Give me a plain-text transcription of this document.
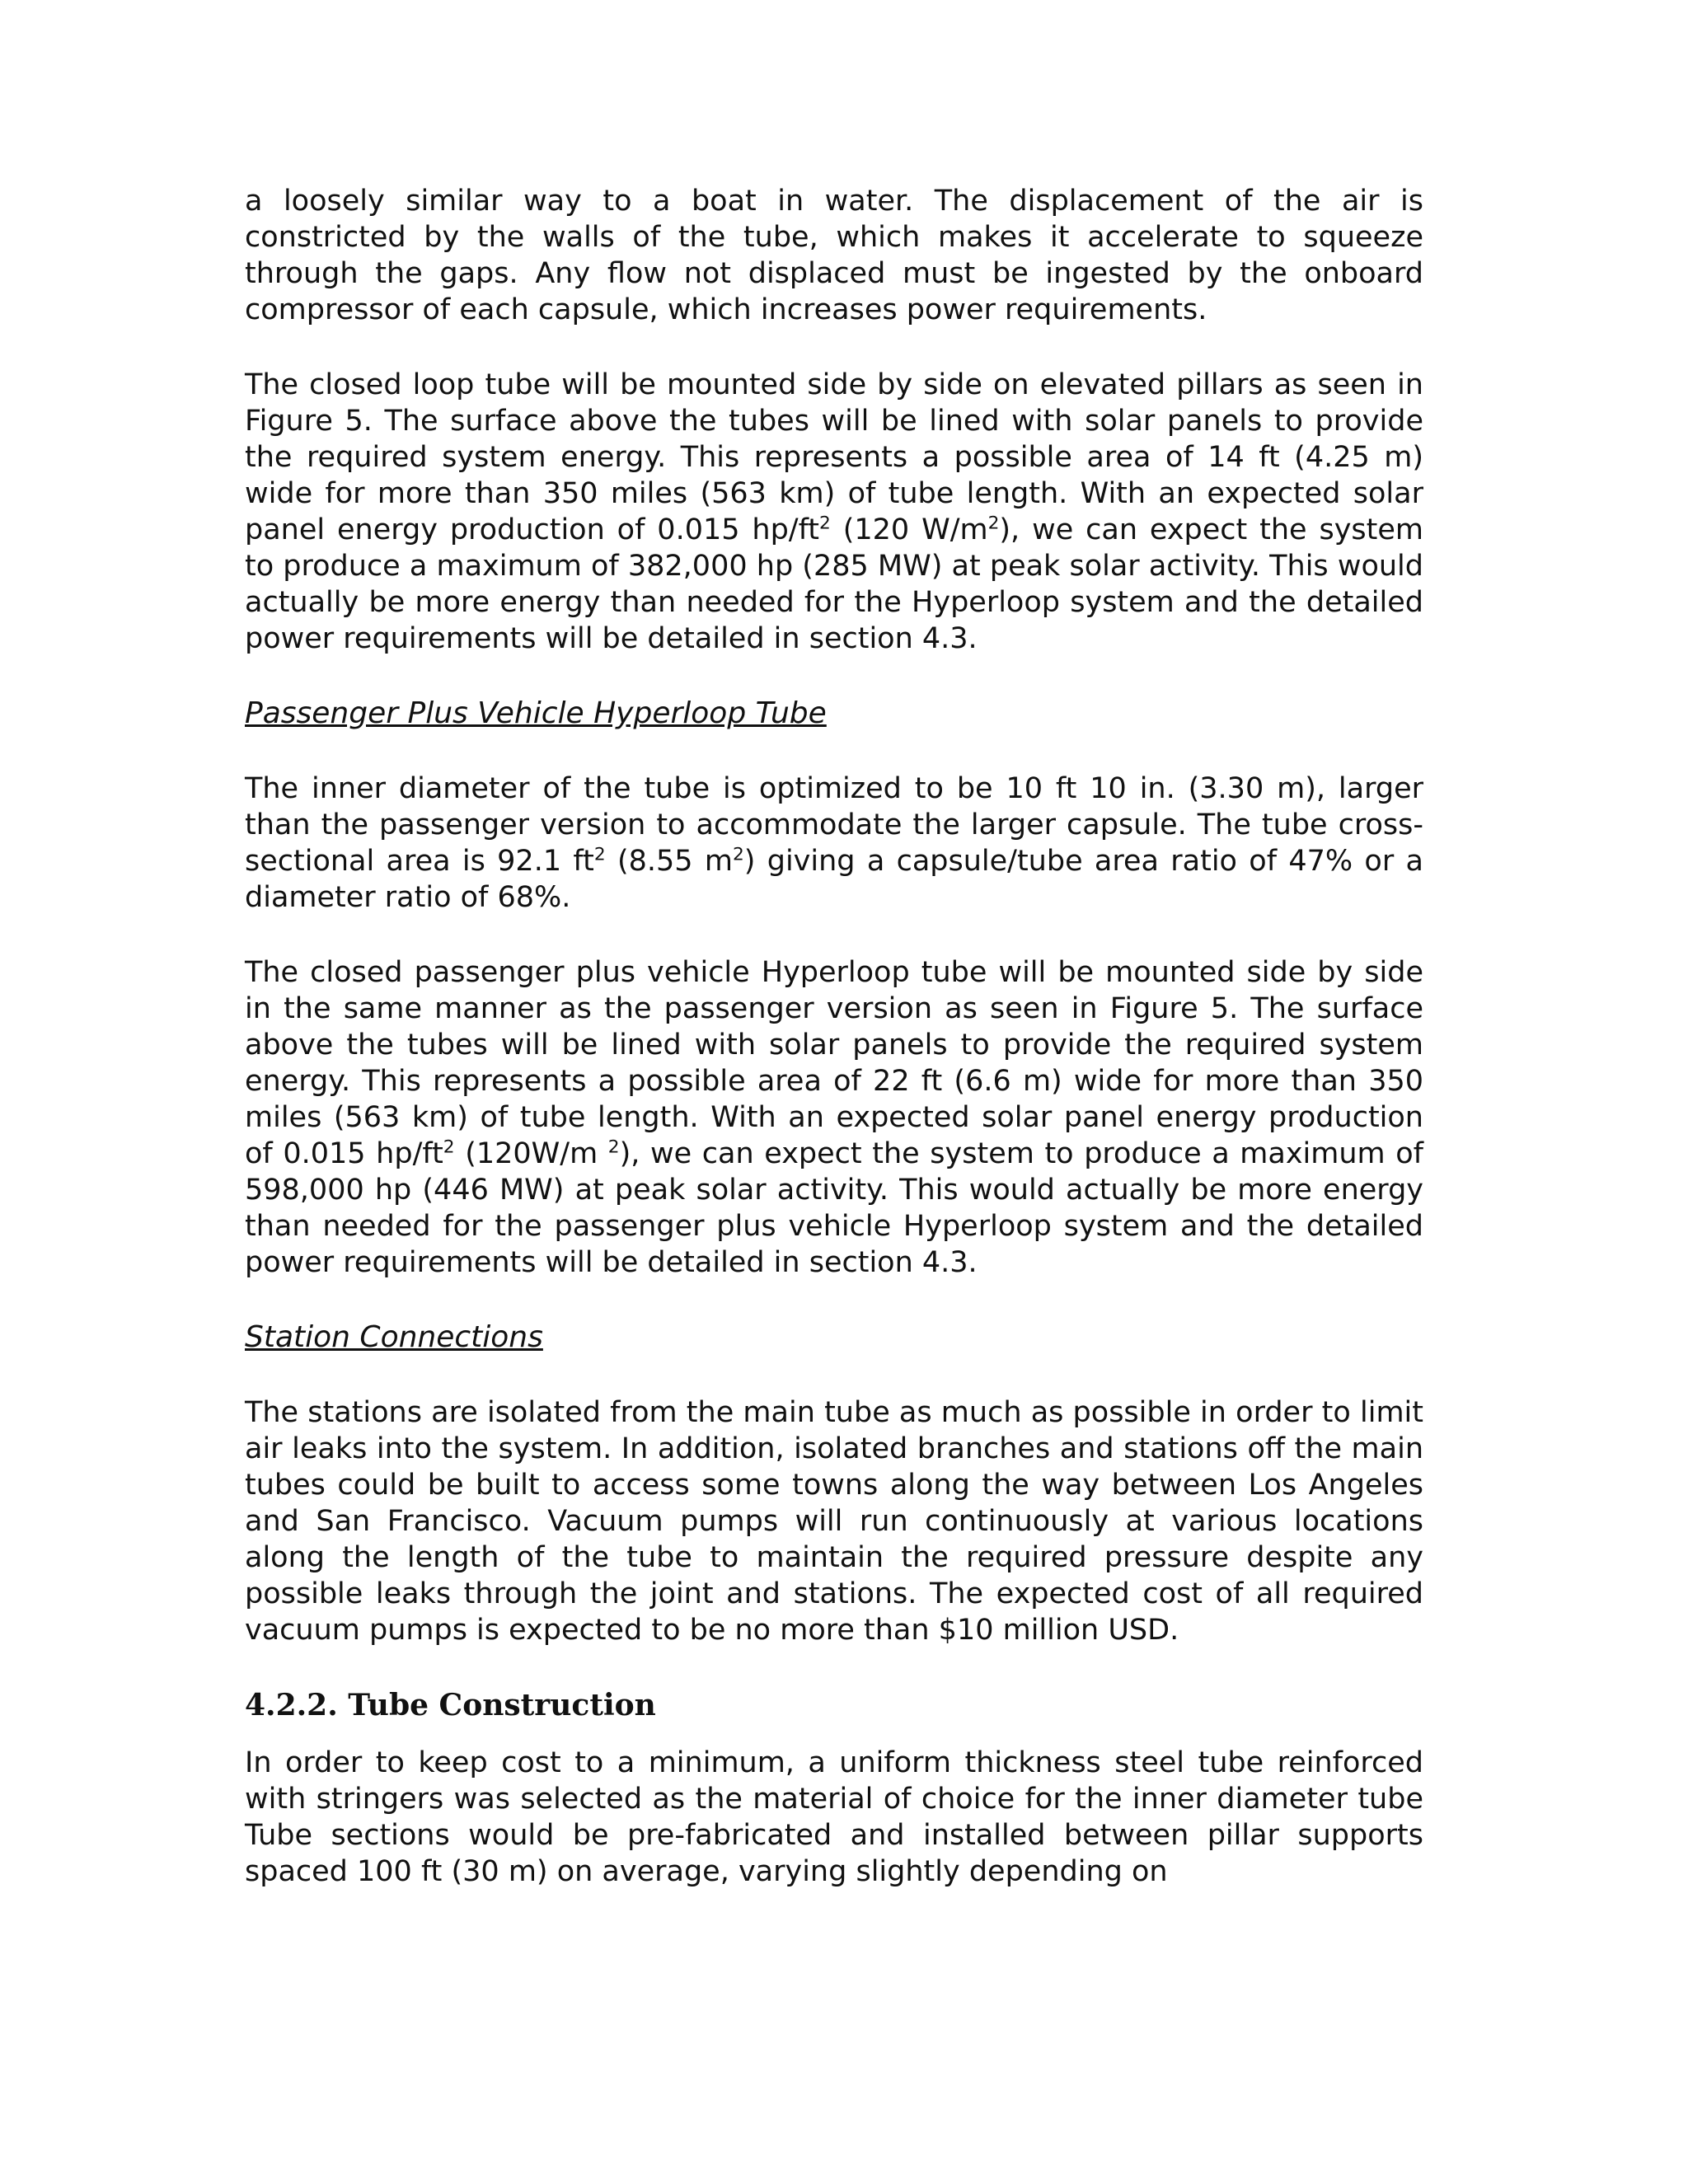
a loosely similar way to a boat in water. The displacement of the air is constricted by the walls of the tube, which makes it accelerate to squeeze through the gaps. Any flow not displaced must be ingested by the onboard compressor of each capsule, which increases power requirements.

The closed loop tube will be mounted side by side on elevated pillars as seen in Figure 5. The surface above the tubes will be lined with solar panels to provide the required system energy. This represents a possible area of 14 ft (4.25 m) wide for more than 350 miles (563 km) of tube length. With an expected solar panel energy production of 0.015 $hp/ft^2$ (120 $W/m^2$), we can expect the system to produce a maximum of 382,000 hp (285 MW) at peak solar activity. This would actually be more energy than needed for the Hyperloop system and the detailed power requirements will be detailed in section 4.3.

Passenger Plus Vehicle Hyperloop Tube

The inner diameter of the tube is optimized to be 10 ft 10 in. (3.30 m), larger than the passenger version to accommodate the larger capsule. The tube cross-sectional area is 92.1 $ft^2$ (8.55 $m^2$) giving a capsule/tube area ratio of 47% or a diameter ratio of 68%.

The closed passenger plus vehicle Hyperloop tube will be mounted side by side in the same manner as the passenger version as seen in Figure 5. The surface above the tubes will be lined with solar panels to provide the required system energy. This represents a possible area of 22 ft (6.6 m) wide for more than 350 miles (563 km) of tube length. With an expected solar panel energy production of 0.015 $hp/ft^2$ (120W/m $^2$), we can expect the system to produce a maximum of 598,000 hp (446 MW) at peak solar activity. This would actually be more energy than needed for the passenger plus vehicle Hyperloop system and the detailed power requirements will be detailed in section 4.3.

Station Connections

The stations are isolated from the main tube as much as possible in order to limit air leaks into the system. In addition, isolated branches and stations off the main tubes could be built to access some towns along the way between Los Angeles and San Francisco. Vacuum pumps will run continuously at various locations along the length of the tube to maintain the required pressure despite any possible leaks through the joint and stations. The expected cost of all required vacuum pumps is expected to be no more than $10 million USD.

4.2.2. Tube Construction

In order to keep cost to a minimum, a uniform thickness steel tube reinforced with stringers was selected as the material of choice for the inner diameter tube Tube sections would be pre-fabricated and installed between pillar supports spaced 100 ft (30 m) on average, varying slightly depending on
